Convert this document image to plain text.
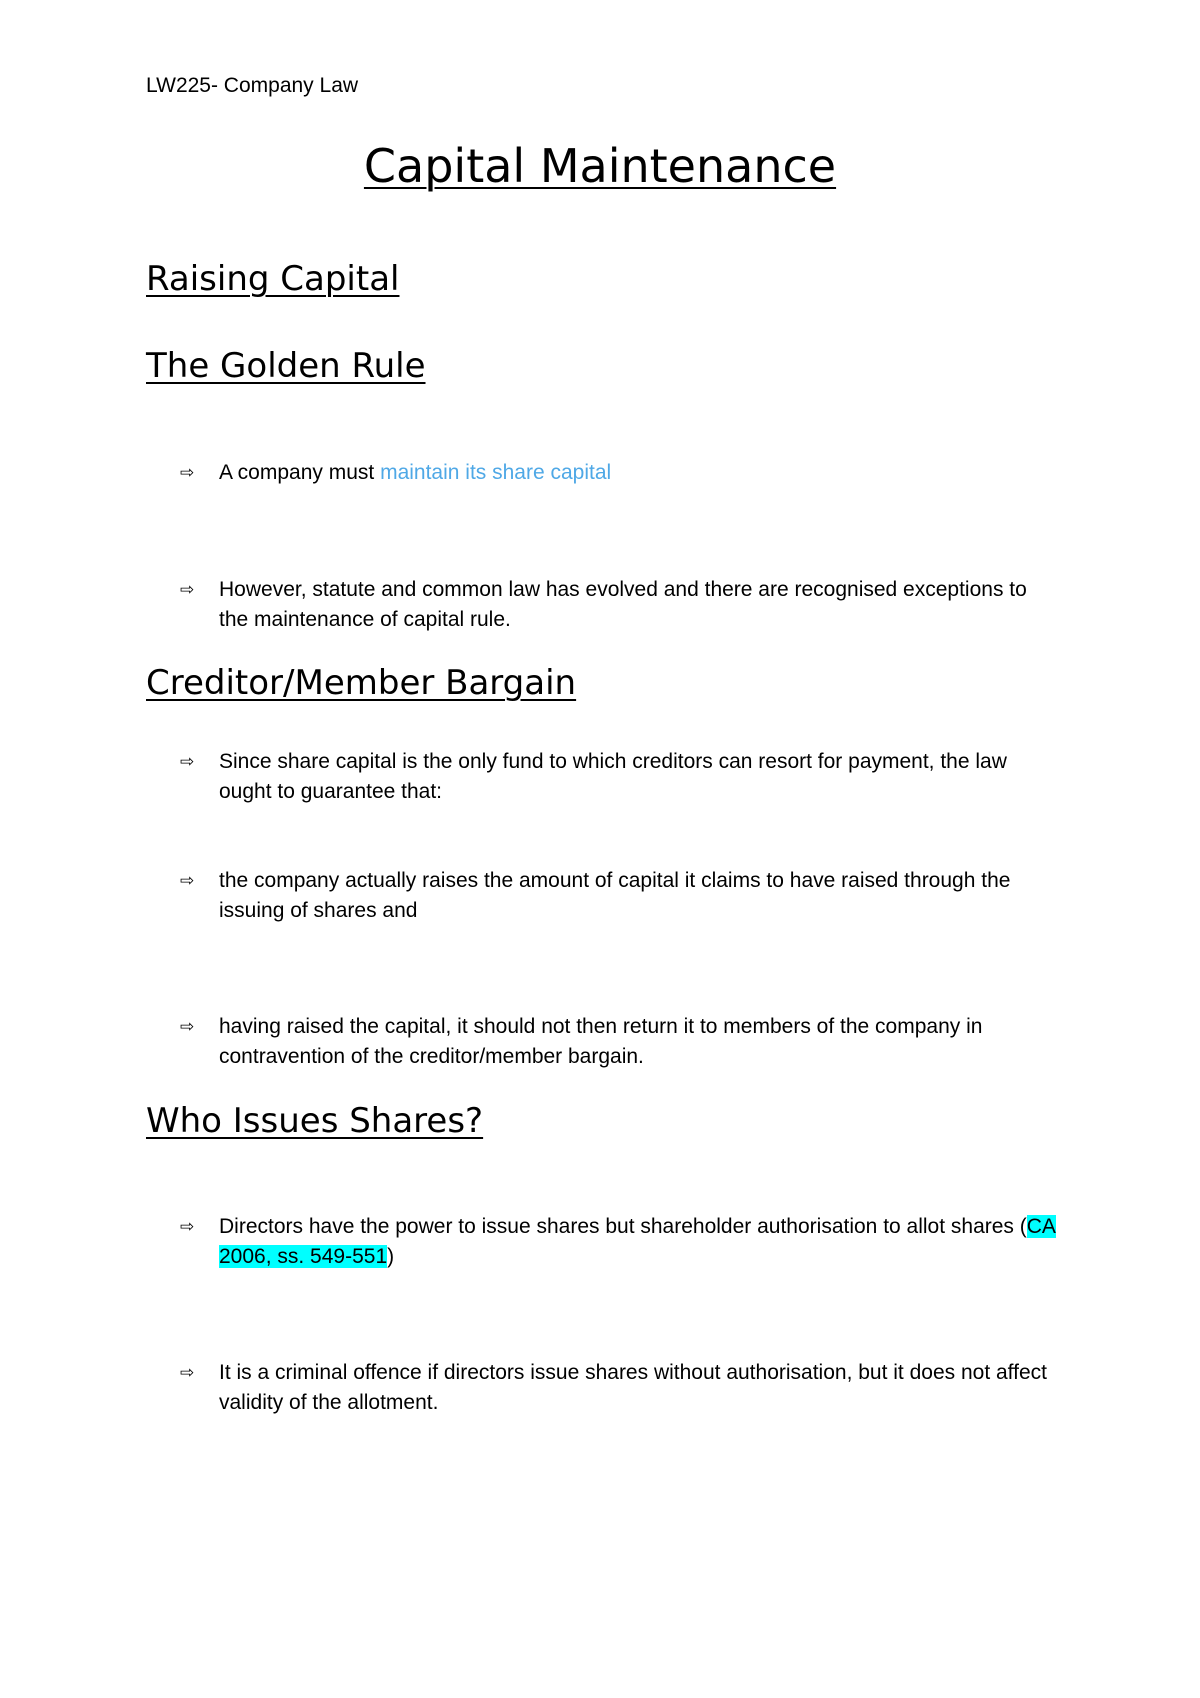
LW225- Company Law
Capital Maintenance
Raising Capital
The Golden Rule
⇨ A company must maintain its share capital
⇨ However, statute and common law has evolved and there are recognised exceptions to the maintenance of capital rule.
Creditor/Member Bargain
⇨ Since share capital is the only fund to which creditors can resort for payment, the law ought to guarantee that:
⇨ the company actually raises the amount of capital it claims to have raised through the issuing of shares and
⇨ having raised the capital, it should not then return it to members of the company in contravention of the creditor/member bargain.
Who Issues Shares?
⇨ Directors have the power to issue shares but shareholder authorisation to allot shares (CA 2006, ss. 549-551)
⇨ It is a criminal offence if directors issue shares without authorisation, but it does not affect validity of the allotment.
